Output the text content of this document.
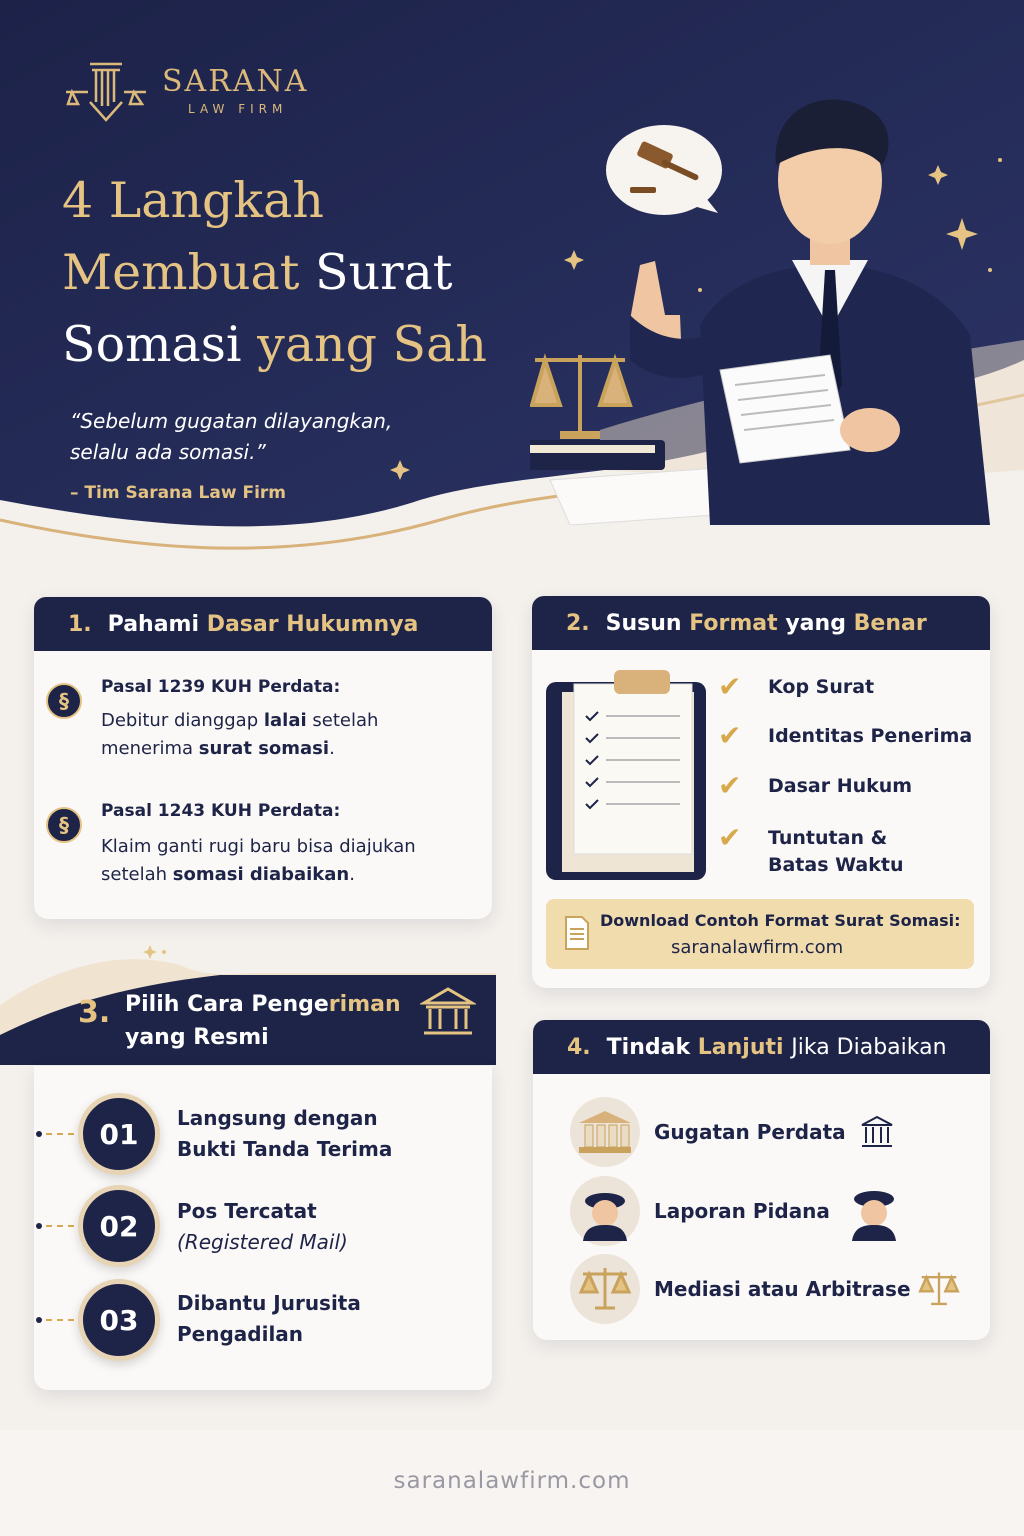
SARANA
LAW FIRM
4 Langkah
Membuat Surat
Somasi yang Sah
“Sebelum gugatan dilayangkan, selalu ada somasi.”
– Tim Sarana Law Firm
1. Pahami
Dasar Hukumnya
§
Pasal 1239 KUH Perdata:
Debitur dianggap lalai setelah menerima surat somasi.
§
Pasal 1243 KUH Perdata:
Klaim ganti rugi baru bisa diajukan setelah somasi diabaikan.
2. Susun
Format
yang
Benar
✔	Kop Surat
✔	Identitas Penerima
✔	Dasar Hukum
✔	Tuntutan & Batas Waktu
Download Contoh Format Surat Somasi:
saranalawfirm.com
3. Pilih Cara Pengeriman
yang Resmi
01	Langsung dengan
Bukti Tanda Terima
02	Pos Tercatat
(Registered Mail)
03
Dibantu Jurusita
Pengadilan
4. Tindak
Lanjuti
Jika Diabaikan
Gugatan Perdata
Laporan Pidana
Mediasi atau Arbitrase
saranalawfirm.com
